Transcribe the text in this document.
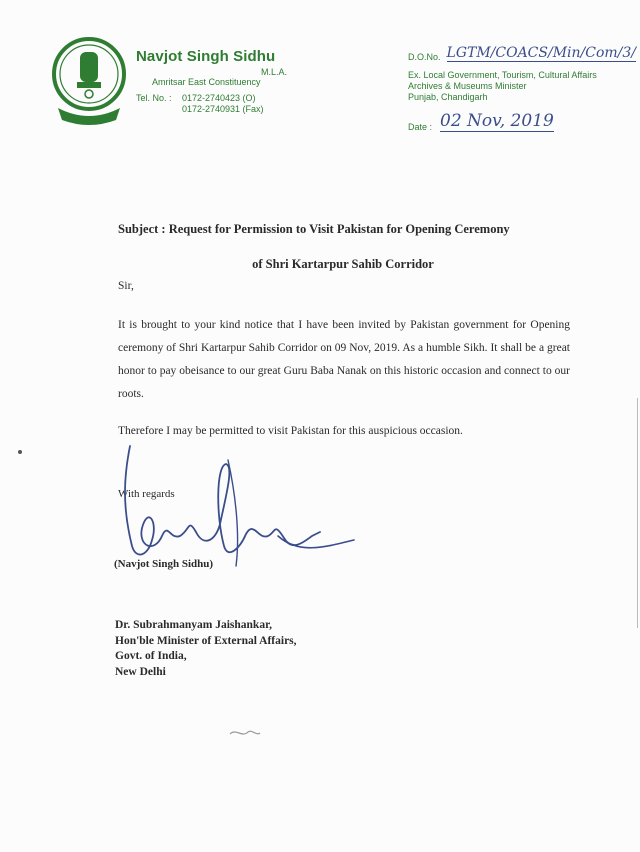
Navjot Singh Sidhu
M.L.A.
Amritsar East Constituency
Tel. No. :	0172-2740423 (O)
0172-2740931 (Fax)
D.O.No. LGTM/COACS/Min/Com/3/
Ex. Local Government, Tourism, Cultural Affairs
Archives & Museums Minister
Punjab, Chandigarh
Date : 02 Nov, 2019
Subject : Request for Permission to Visit Pakistan for Opening Ceremony
of Shri Kartarpur Sahib Corridor
Sir,
It is brought to your kind notice that I have been invited by Pakistan government for Opening ceremony of Shri Kartarpur Sahib Corridor on 09 Nov, 2019. As a humble Sikh. It shall be a great honor to pay obeisance to our great Guru Baba Nanak on this historic occasion and connect to our roots.
Therefore I may be permitted to visit Pakistan for this auspicious occasion.
With regards
(Navjot Singh Sidhu)
Dr. Subrahmanyam Jaishankar,
Hon'ble Minister of External Affairs,
Govt. of India,
New Delhi
